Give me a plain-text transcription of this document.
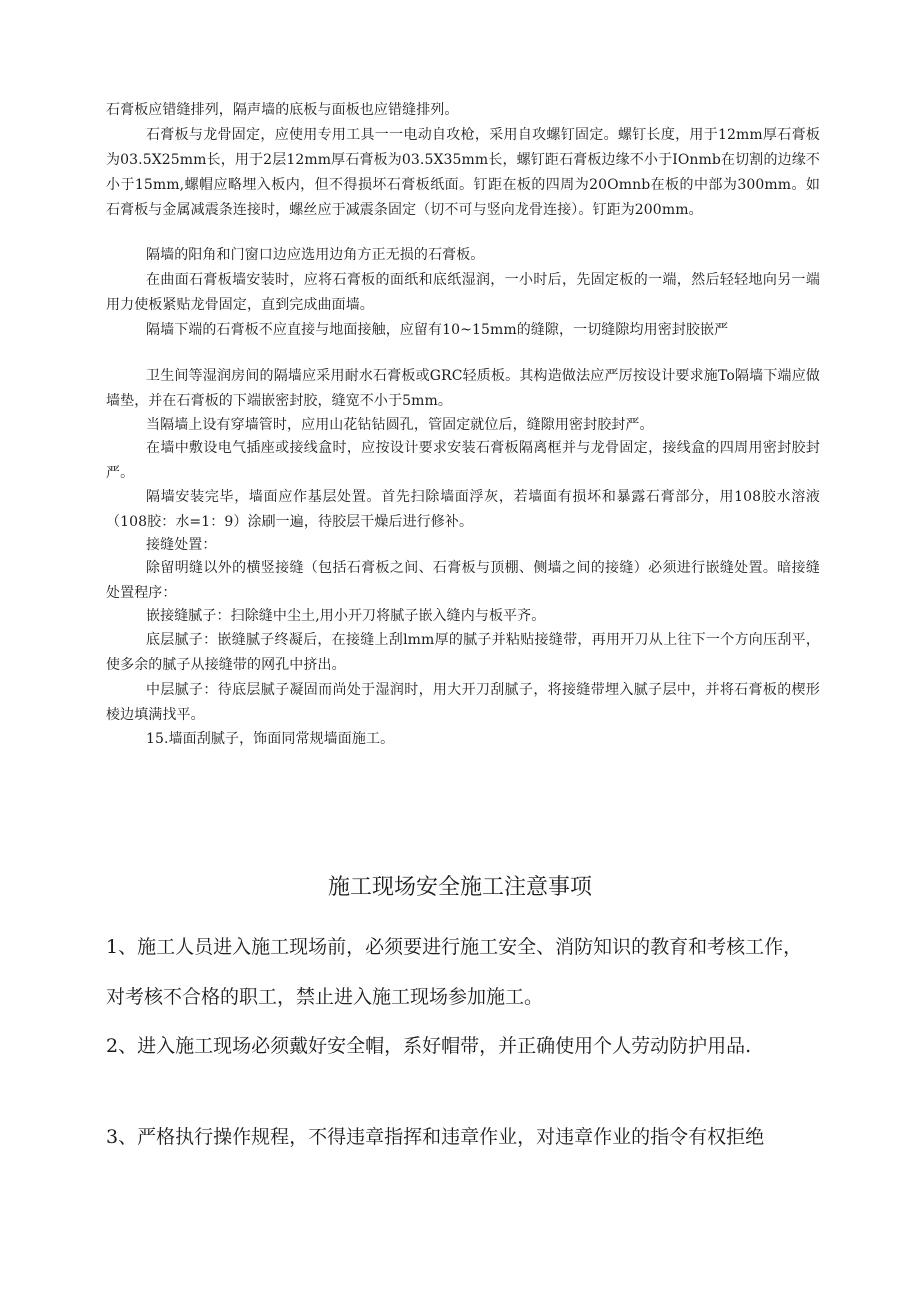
石膏板应错缝排列，隔声墙的底板与面板也应错缝排列。

石膏板与龙骨固定，应使用专用工具一一电动自攻枪，采用自攻螺钉固定。螺钉长度，用于12mm厚石膏板为03.5X25mm长，用于2层12mm厚石膏板为03.5X35mm长，螺钉距石膏板边缘不小于IOnmb在切割的边缘不小于15mm,螺帽应略埋入板内，但不得损坏石膏板纸面。钉距在板的四周为20Omnb在板的中部为300mm。如石膏板与金属减震条连接时，螺丝应于减震条固定（切不可与竖向龙骨连接）。钉距为200mm。

隔墙的阳角和门窗口边应选用边角方正无损的石膏板。

在曲面石膏板墙安装时，应将石膏板的面纸和底纸湿润，一小时后，先固定板的一端，然后轻轻地向另一端用力使板紧贴龙骨固定，直到完成曲面墙。

隔墙下端的石膏板不应直接与地面接触，应留有10~15mm的缝隙，一切缝隙均用密封胶嵌严

卫生间等湿润房间的隔墙应采用耐水石膏板或GRC轻质板。其构造做法应严厉按设计要求施To隔墙下端应做墙垫，并在石膏板的下端嵌密封胶，缝宽不小于5mm。

当隔墙上设有穿墙管时，应用山花钻钻圆孔，管固定就位后，缝隙用密封胶封严。

在墙中敷设电气插座或接线盒时，应按设计要求安装石膏板隔离框并与龙骨固定，接线盒的四周用密封胶封严。

隔墙安装完毕，墙面应作基层处置。首先扫除墙面浮灰，若墙面有损坏和暴露石膏部分，用108胶水溶液（108胶：水=1：9）涂刷一遍，待胶层干燥后进行修补。

接缝处置：

除留明缝以外的横竖接缝（包括石膏板之间、石膏板与顶棚、侧墙之间的接缝）必须进行嵌缝处置。暗接缝处置程序：

嵌接缝腻子：扫除缝中尘土,用小开刀将腻子嵌入缝内与板平齐。

底层腻子：嵌缝腻子终凝后，在接缝上刮lmm厚的腻子并粘贴接缝带，再用开刀从上往下一个方向压刮平，使多余的腻子从接缝带的网孔中挤出。

中层腻子：待底层腻子凝固而尚处于湿润时，用大开刀刮腻子，将接缝带埋入腻子层中，并将石膏板的楔形棱边填满找平。

15.墙面刮腻子，饰面同常规墙面施工。

施工现场安全施工注意事项

1、施工人员进入施工现场前，必须要进行施工安全、消防知识的教育和考核工作，对考核不合格的职工，禁止进入施工现场参加施工。

2、进入施工现场必须戴好安全帽，系好帽带，并正确使用个人劳动防护用品.

3、严格执行操作规程，不得违章指挥和违章作业，对违章作业的指令有权拒绝
